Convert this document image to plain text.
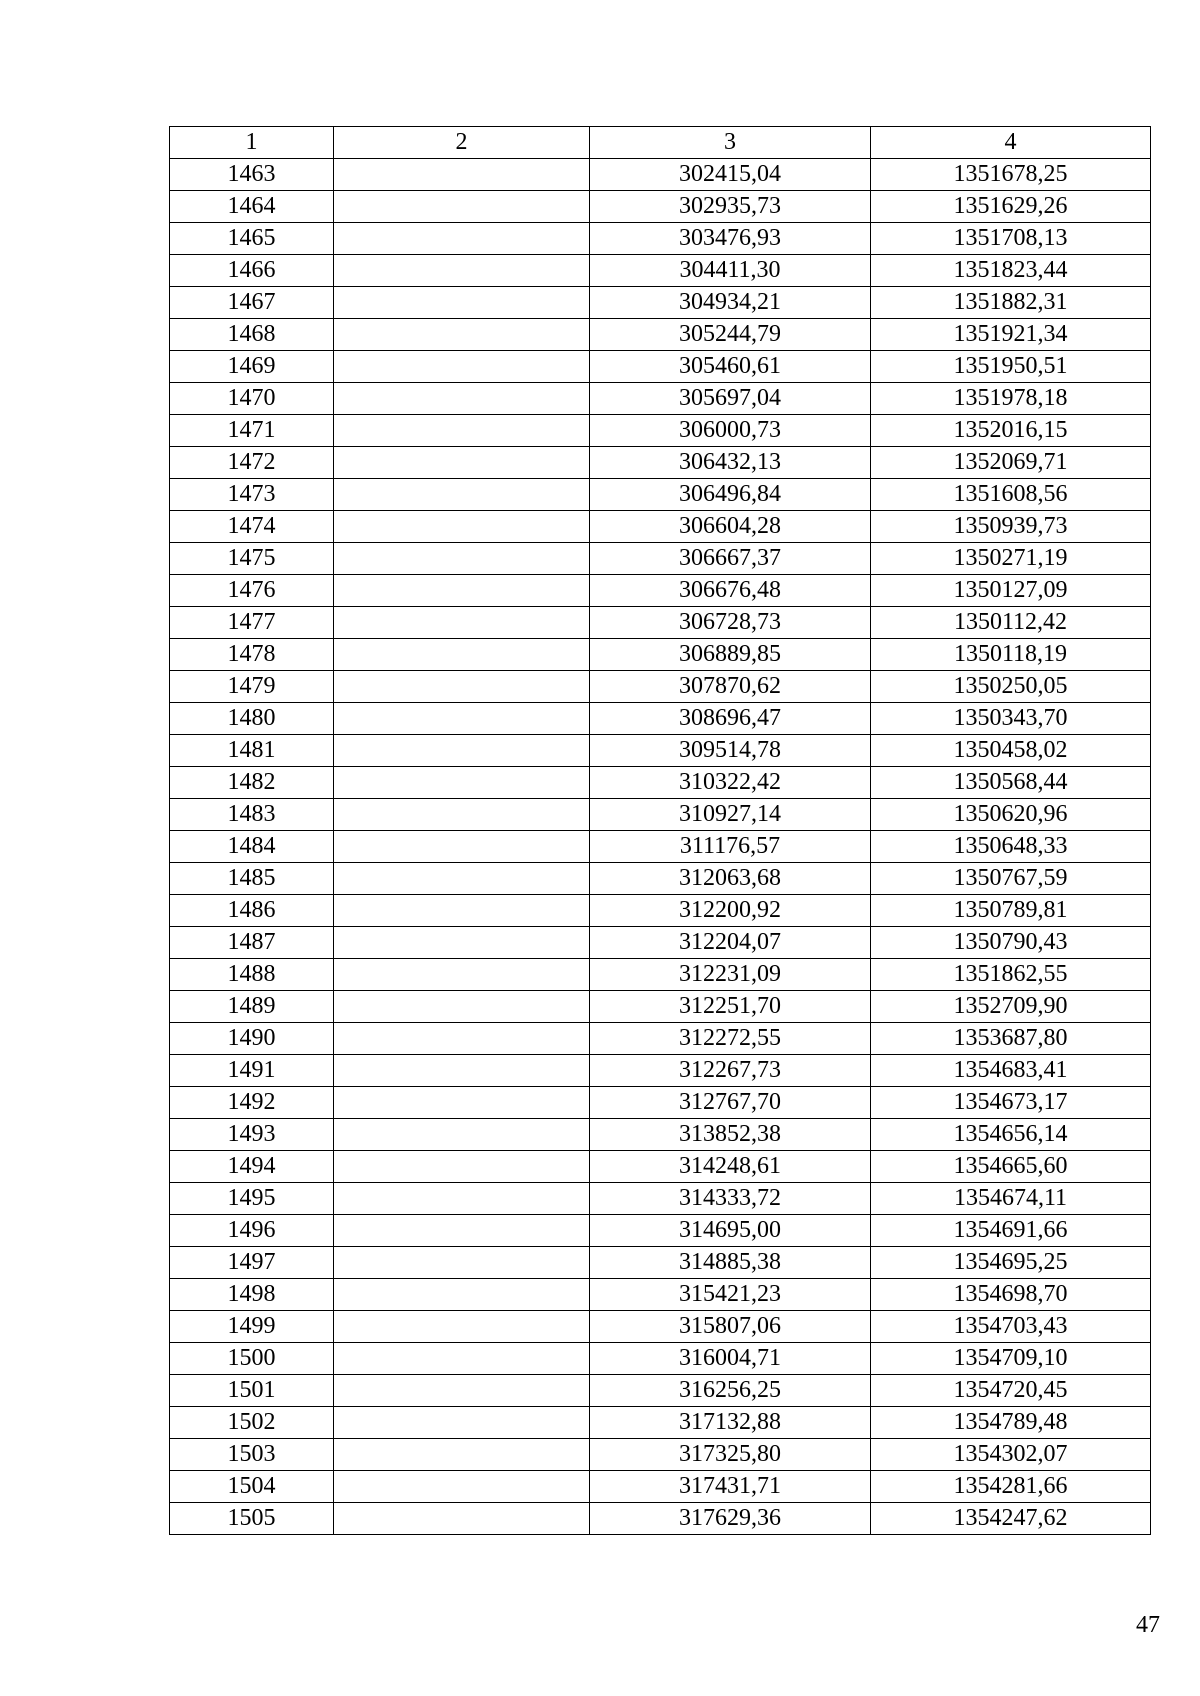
1	2	3	4
1463		302415,04	1351678,25
1464		302935,73	1351629,26
1465		303476,93	1351708,13
1466		304411,30	1351823,44
1467		304934,21	1351882,31
1468		305244,79	1351921,34
1469		305460,61	1351950,51
1470		305697,04	1351978,18
1471		306000,73	1352016,15
1472		306432,13	1352069,71
1473		306496,84	1351608,56
1474		306604,28	1350939,73
1475		306667,37	1350271,19
1476		306676,48	1350127,09
1477		306728,73	1350112,42
1478		306889,85	1350118,19
1479		307870,62	1350250,05
1480		308696,47	1350343,70
1481		309514,78	1350458,02
1482		310322,42	1350568,44
1483		310927,14	1350620,96
1484		311176,57	1350648,33
1485		312063,68	1350767,59
1486		312200,92	1350789,81
1487		312204,07	1350790,43
1488		312231,09	1351862,55
1489		312251,70	1352709,90
1490		312272,55	1353687,80
1491		312267,73	1354683,41
1492		312767,70	1354673,17
1493		313852,38	1354656,14
1494		314248,61	1354665,60
1495		314333,72	1354674,11
1496		314695,00	1354691,66
1497		314885,38	1354695,25
1498		315421,23	1354698,70
1499		315807,06	1354703,43
1500		316004,71	1354709,10
1501		316256,25	1354720,45
1502		317132,88	1354789,48
1503		317325,80	1354302,07
1504		317431,71	1354281,66
1505		317629,36	1354247,62
47
